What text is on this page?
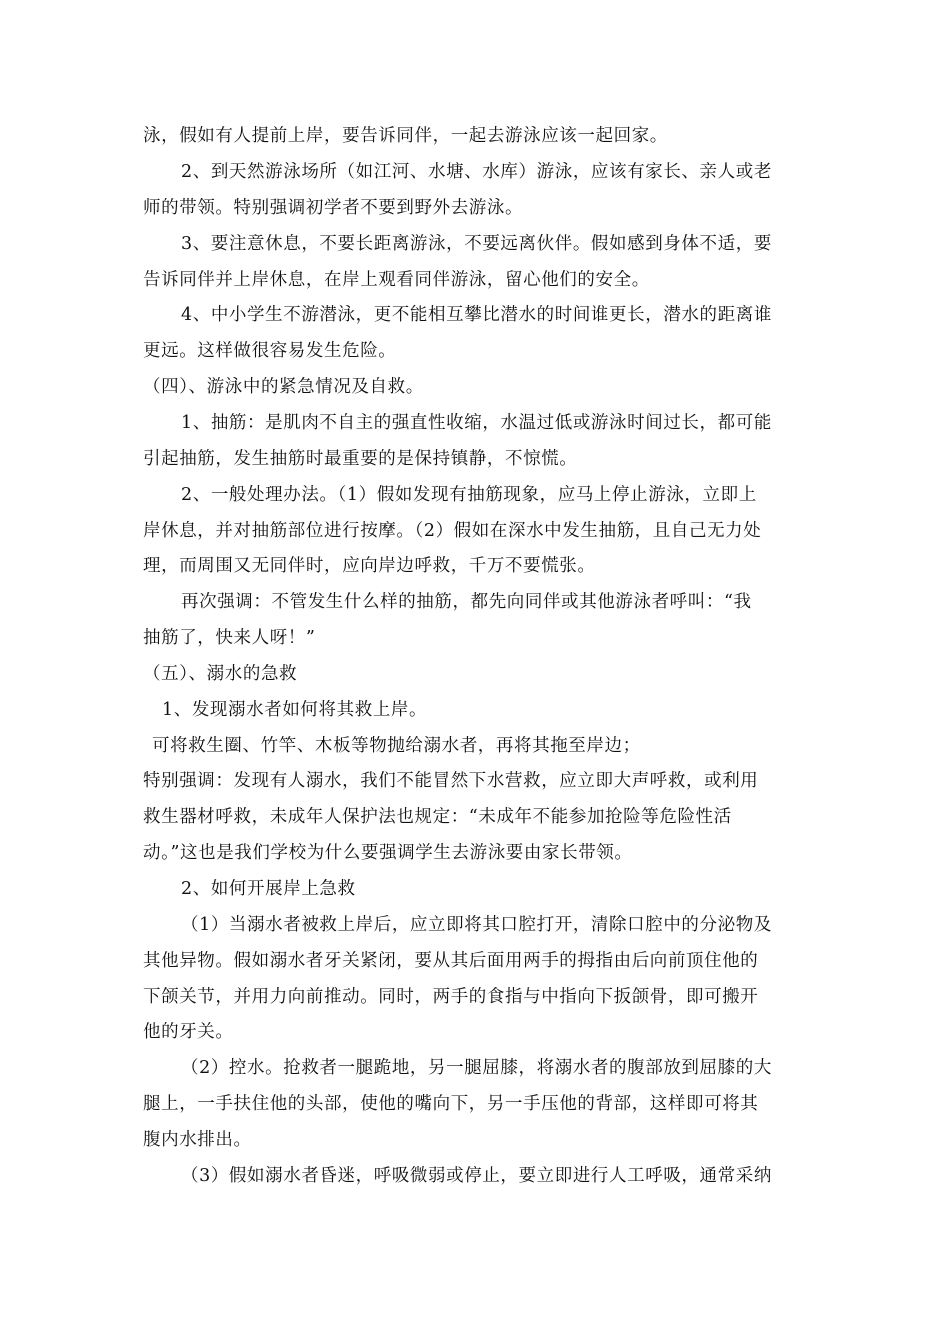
泳，假如有人提前上岸，要告诉同伴，一起去游泳应该一起回家。
2、到天然游泳场所（如江河、水塘、水库）游泳，应该有家长、亲人或老
师的带领。特别强调初学者不要到野外去游泳。
3、要注意休息，不要长距离游泳，不要远离伙伴。假如感到身体不适，要
告诉同伴并上岸休息，在岸上观看同伴游泳，留心他们的安全。
4、中小学生不游潜泳，更不能相互攀比潜水的时间谁更长，潜水的距离谁
更远。这样做很容易发生危险。
（四）、游泳中的紧急情况及自救。
1、抽筋：是肌肉不自主的强直性收缩，水温过低或游泳时间过长，都可能
引起抽筋，发生抽筋时最重要的是保持镇静，不惊慌。
2、一般处理办法。（1）假如发现有抽筋现象，应马上停止游泳，立即上
岸休息，并对抽筋部位进行按摩。（2）假如在深水中发生抽筋，且自己无力处
理，而周围又无同伴时，应向岸边呼救，千万不要慌张。
再次强调：不管发生什么样的抽筋，都先向同伴或其他游泳者呼叫：“我
抽筋了，快来人呀！”
（五）、溺水的急救
1、发现溺水者如何将其救上岸。
可将救生圈、竹竿、木板等物抛给溺水者，再将其拖至岸边；
特别强调：发现有人溺水，我们不能冒然下水营救，应立即大声呼救，或利用
救生器材呼救，未成年人保护法也规定：“未成年不能参加抢险等危险性活
动。”这也是我们学校为什么要强调学生去游泳要由家长带领。
2、如何开展岸上急救
（1）当溺水者被救上岸后，应立即将其口腔打开，清除口腔中的分泌物及
其他异物。假如溺水者牙关紧闭，要从其后面用两手的拇指由后向前顶住他的
下颌关节，并用力向前推动。同时，两手的食指与中指向下扳颌骨，即可搬开
他的牙关。
（2）控水。抢救者一腿跪地，另一腿屈膝，将溺水者的腹部放到屈膝的大
腿上，一手扶住他的头部，使他的嘴向下，另一手压他的背部，这样即可将其
腹内水排出。
（3）假如溺水者昏迷，呼吸微弱或停止，要立即进行人工呼吸，通常采纳
